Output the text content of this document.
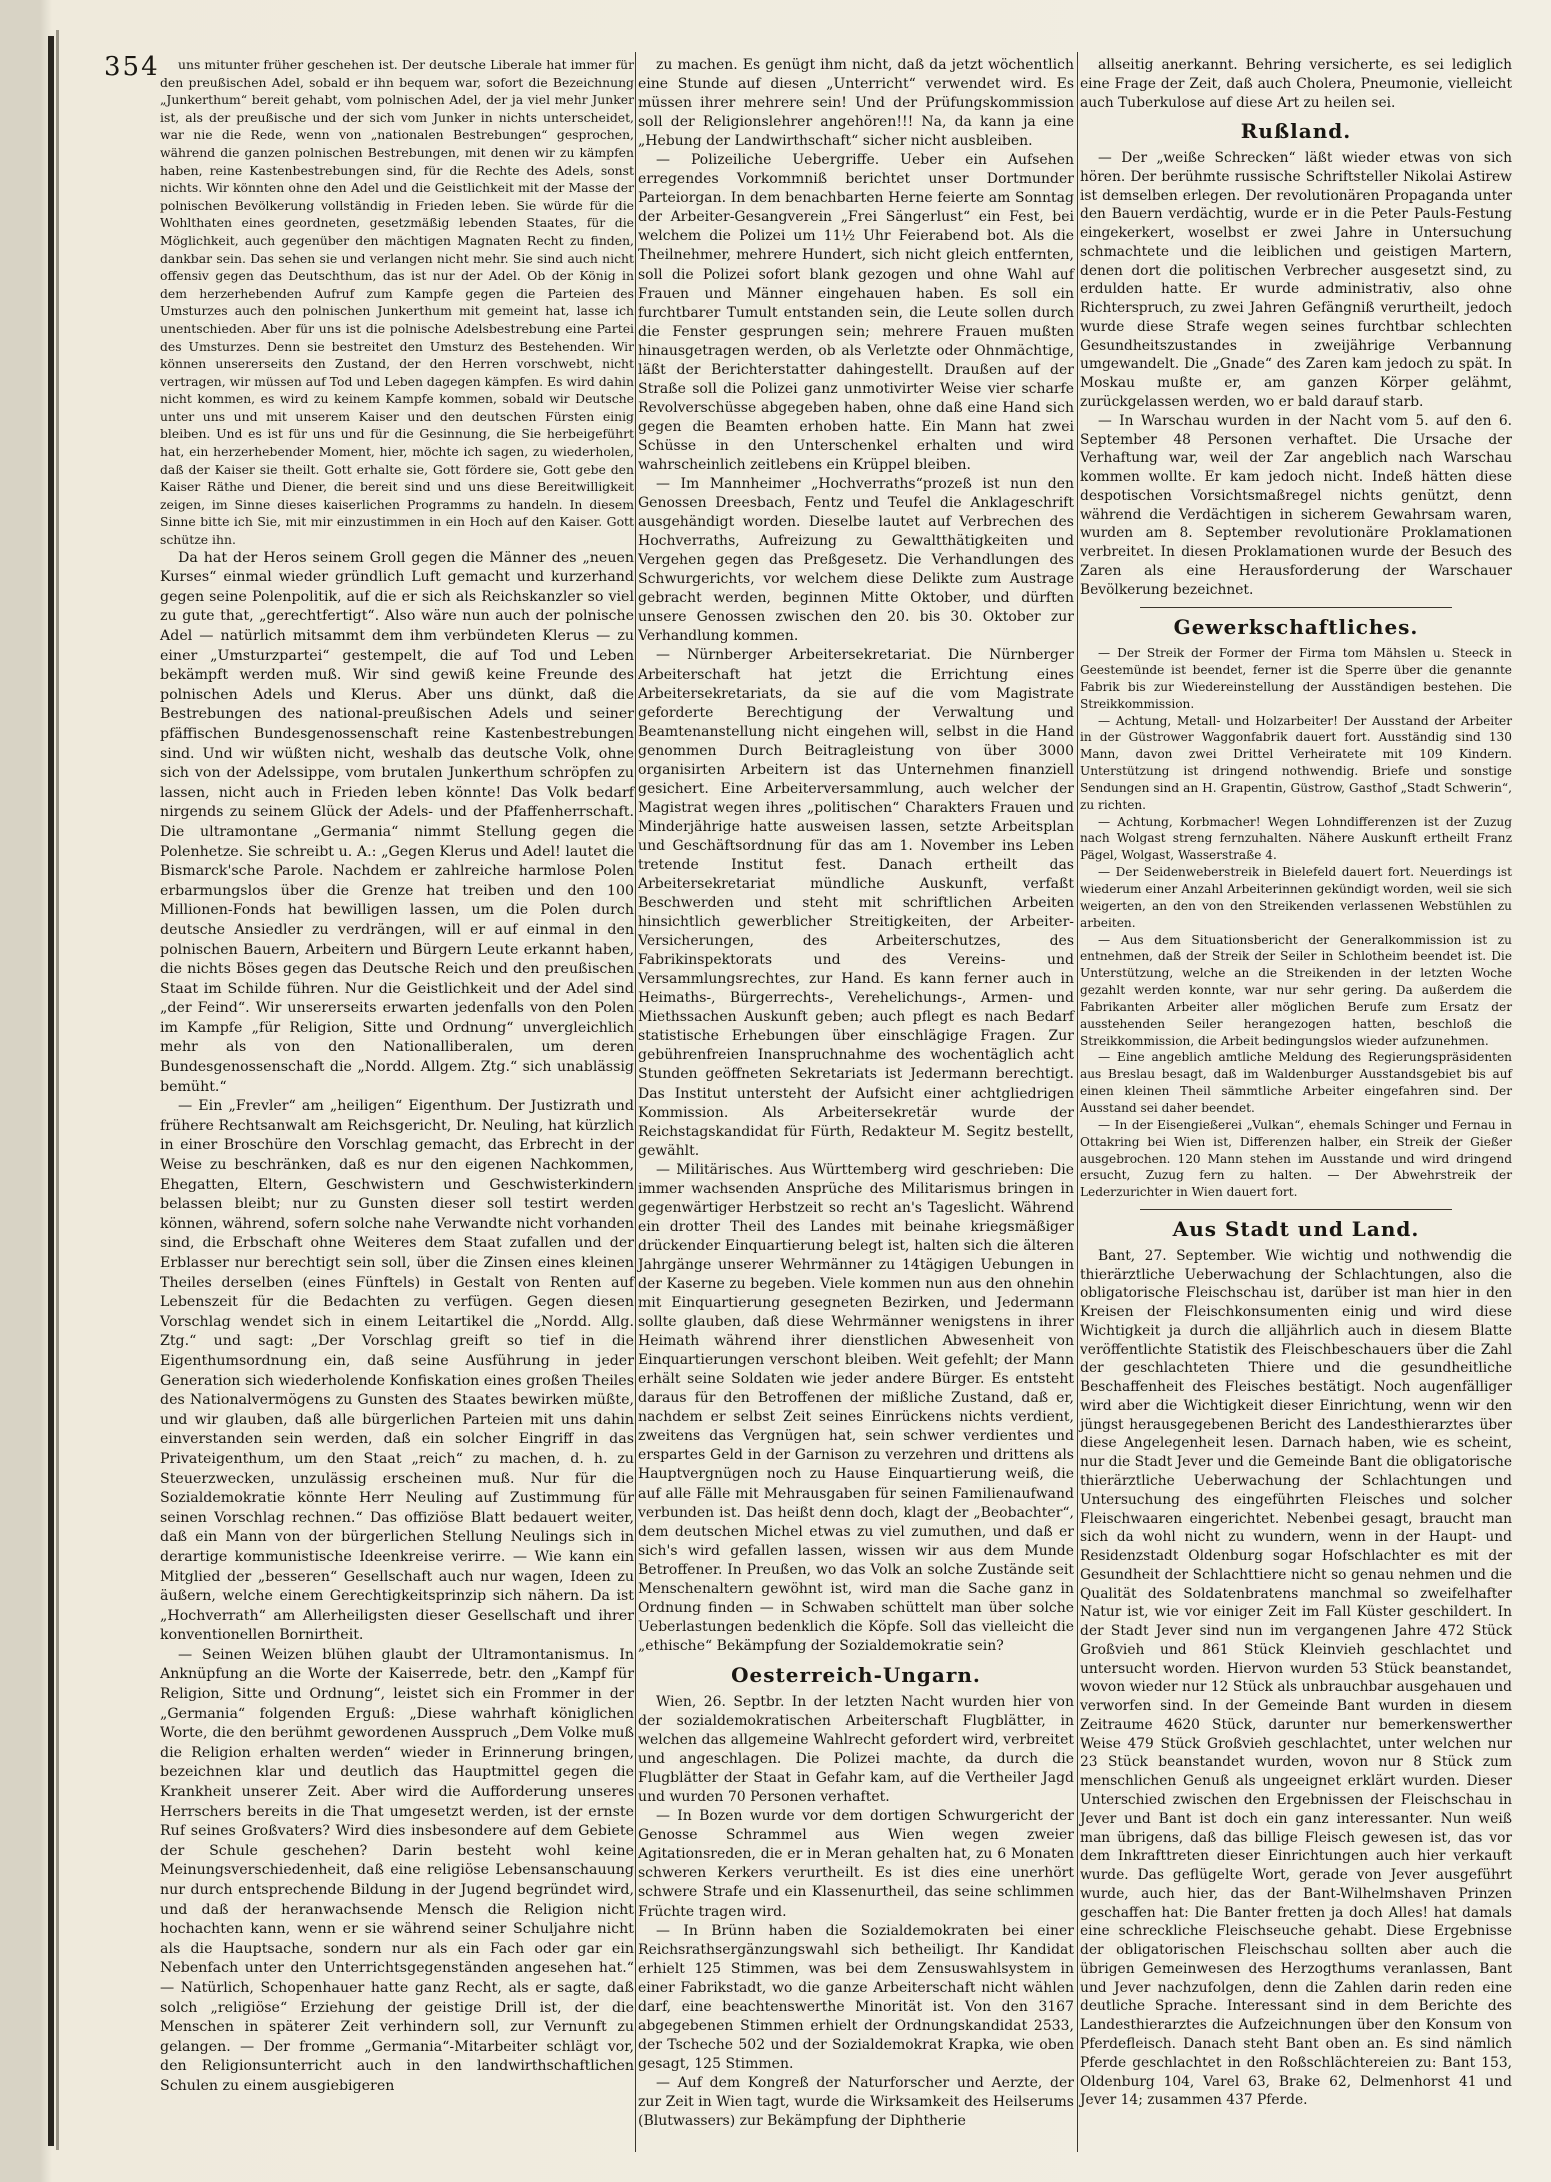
354	uns mitunter früher geschehen ist. Der deutsche Liberale hat immer für den preußischen Adel, sobald er ihn bequem war, sofort die Bezeichnung „Junkerthum“ bereit gehabt, vom polnischen Adel, der ja viel mehr Junker ist, als der preußische und der sich vom Junker in nichts unterscheidet, war nie die Rede, wenn von „nationalen Bestrebungen“ gesprochen, während die ganzen polnischen Bestrebungen, mit denen wir zu kämpfen haben, reine Kastenbestrebungen sind, für die Rechte des Adels, sonst nichts. Wir könnten ohne den Adel und die Geistlichkeit mit der Masse der polnischen Bevölkerung vollständig in Frieden leben. Sie würde für die Wohlthaten eines geordneten, gesetzmäßig lebenden Staates, für die Möglichkeit, auch gegenüber den mächtigen Magnaten Recht zu finden, dankbar sein. Das sehen sie und verlangen nicht mehr. Sie sind auch nicht offensiv gegen das Deutschthum, das ist nur der Adel. Ob der König in dem herzerhebenden Aufruf zum Kampfe gegen die Parteien des Umsturzes auch den polnischen Junkerthum mit gemeint hat, lasse ich unentschieden. Aber für uns ist die polnische Adelsbestrebung eine Partei des Umsturzes. Denn sie bestreitet den Umsturz des Bestehenden. Wir können unsererseits den Zustand, der den Herren vorschwebt, nicht vertragen, wir müssen auf Tod und Leben dagegen kämpfen. Es wird dahin nicht kommen, es wird zu keinem Kampfe kommen, sobald wir Deutsche unter uns und mit unserem Kaiser und den deutschen Fürsten einig bleiben. Und es ist für uns und für die Gesinnung, die Sie herbeigeführt hat, ein herzerhebender Moment, hier, möchte ich sagen, zu wiederholen, daß der Kaiser sie theilt. Gott erhalte sie, Gott fördere sie, Gott gebe den Kaiser Räthe und Diener, die bereit sind und uns diese Bereitwilligkeit zeigen, im Sinne dieses kaiserlichen Programms zu handeln. In diesem Sinne bitte ich Sie, mit mir einzustimmen in ein Hoch auf den Kaiser. Gott schütze ihn.

Da hat der Heros seinem Groll gegen die Männer des „neuen Kurses“ einmal wieder gründlich Luft gemacht und kurzerhand gegen seine Polenpolitik, auf die er sich als Reichskanzler so viel zu gute that, „gerechtfertigt“. Also wäre nun auch der polnische Adel — natürlich mitsammt dem ihm verbündeten Klerus — zu einer „Umsturzpartei“ gestempelt, die auf Tod und Leben bekämpft werden muß. Wir sind gewiß keine Freunde des polnischen Adels und Klerus. Aber uns dünkt, daß die Bestrebungen des national-preußischen Adels und seiner pfäffischen Bundesgenossenschaft reine Kastenbestrebungen sind. Und wir wüßten nicht, weshalb das deutsche Volk, ohne sich von der Adelssippe, vom brutalen Junkerthum schröpfen zu lassen, nicht auch in Frieden leben könnte! Das Volk bedarf nirgends zu seinem Glück der Adels- und der Pfaffenherrschaft. Die ultramontane „Germania“ nimmt Stellung gegen die Polenhetze. Sie schreibt u. A.: „Gegen Klerus und Adel! lautet die Bismarck'sche Parole. Nachdem er zahlreiche harmlose Polen erbarmungslos über die Grenze hat treiben und den 100 Millionen-Fonds hat bewilligen lassen, um die Polen durch deutsche Ansiedler zu verdrängen, will er auf einmal in den polnischen Bauern, Arbeitern und Bürgern Leute erkannt haben, die nichts Böses gegen das Deutsche Reich und den preußischen Staat im Schilde führen. Nur die Geistlichkeit und der Adel sind „der Feind“. Wir unsererseits erwarten jedenfalls von den Polen im Kampfe „für Religion, Sitte und Ordnung“ unvergleichlich mehr als von den Nationalliberalen, um deren Bundesgenossenschaft die „Nordd. Allgem. Ztg.“ sich unablässig bemüht.“

— Ein „Frevler“ am „heiligen“ Eigenthum. Der Justizrath und frühere Rechtsanwalt am Reichsgericht, Dr. Neuling, hat kürzlich in einer Broschüre den Vorschlag gemacht, das Erbrecht in der Weise zu beschränken, daß es nur den eigenen Nachkommen, Ehegatten, Eltern, Geschwistern und Geschwisterkindern belassen bleibt; nur zu Gunsten dieser soll testirt werden können, während, sofern solche nahe Verwandte nicht vorhanden sind, die Erbschaft ohne Weiteres dem Staat zufallen und der Erblasser nur berechtigt sein soll, über die Zinsen eines kleinen Theiles derselben (eines Fünftels) in Gestalt von Renten auf Lebenszeit für die Bedachten zu verfügen. Gegen diesen Vorschlag wendet sich in einem Leitartikel die „Nordd. Allg. Ztg.“ und sagt: „Der Vorschlag greift so tief in die Eigenthumsordnung ein, daß seine Ausführung in jeder Generation sich wiederholende Konfiskation eines großen Theiles des Nationalvermögens zu Gunsten des Staates bewirken müßte, und wir glauben, daß alle bürgerlichen Parteien mit uns dahin einverstanden sein werden, daß ein solcher Eingriff in das Privateigenthum, um den Staat „reich“ zu machen, d. h. zu Steuerzwecken, unzulässig erscheinen muß. Nur für die Sozialdemokratie könnte Herr Neuling auf Zustimmung für seinen Vorschlag rechnen.“ Das offiziöse Blatt bedauert weiter, daß ein Mann von der bürgerlichen Stellung Neulings sich in derartige kommunistische Ideenkreise verirre. — Wie kann ein Mitglied der „besseren“ Gesellschaft auch nur wagen, Ideen zu äußern, welche einem Gerechtigkeitsprinzip sich nähern. Da ist „Hochverrath“ am Allerheiligsten dieser Gesellschaft und ihrer konventionellen Bornirtheit.

— Seinen Weizen blühen glaubt der Ultramontanismus. In Anknüpfung an die Worte der Kaiserrede, betr. den „Kampf für Religion, Sitte und Ordnung“, leistet sich ein Frommer in der „Germania“ folgenden Erguß: „Diese wahrhaft königlichen Worte, die den berühmt gewordenen Ausspruch „Dem Volke muß die Religion erhalten werden“ wieder in Erinnerung bringen, bezeichnen klar und deutlich das Hauptmittel gegen die Krankheit unserer Zeit. Aber wird die Aufforderung unseres Herrschers bereits in die That umgesetzt werden, ist der ernste Ruf seines Großvaters? Wird dies insbesondere auf dem Gebiete der Schule geschehen? Darin besteht wohl keine Meinungsverschiedenheit, daß eine religiöse Lebensanschauung nur durch entsprechende Bildung in der Jugend begründet wird, und daß der heranwachsende Mensch die Religion nicht hochachten kann, wenn er sie während seiner Schuljahre nicht als die Hauptsache, sondern nur als ein Fach oder gar ein Nebenfach unter den Unterrichtsgegenständen angesehen hat.“ — Natürlich, Schopenhauer hatte ganz Recht, als er sagte, daß solch „religiöse“ Erziehung der geistige Drill ist, der die Menschen in späterer Zeit verhindern soll, zur Vernunft zu gelangen. — Der fromme „Germania“-Mitarbeiter schlägt vor, den Religionsunterricht auch in den landwirthschaftlichen Schulen zu einem ausgiebigeren

zu machen. Es genügt ihm nicht, daß da jetzt wöchentlich eine Stunde auf diesen „Unterricht“ verwendet wird. Es müssen ihrer mehrere sein! Und der Prüfungskommission soll der Religionslehrer angehören!!! Na, da kann ja eine „Hebung der Landwirthschaft“ sicher nicht ausbleiben.

— Polizeiliche Uebergriffe. Ueber ein Aufsehen erregendes Vorkommniß berichtet unser Dortmunder Parteiorgan. In dem benachbarten Herne feierte am Sonntag der Arbeiter-Gesangverein „Frei Sängerlust“ ein Fest, bei welchem die Polizei um 11½ Uhr Feierabend bot. Als die Theilnehmer, mehrere Hundert, sich nicht gleich entfernten, soll die Polizei sofort blank gezogen und ohne Wahl auf Frauen und Männer eingehauen haben. Es soll ein furchtbarer Tumult entstanden sein, die Leute sollen durch die Fenster gesprungen sein; mehrere Frauen mußten hinausgetragen werden, ob als Verletzte oder Ohnmächtige, läßt der Berichterstatter dahingestellt. Draußen auf der Straße soll die Polizei ganz unmotivirter Weise vier scharfe Revolverschüsse abgegeben haben, ohne daß eine Hand sich gegen die Beamten erhoben hatte. Ein Mann hat zwei Schüsse in den Unterschenkel erhalten und wird wahrscheinlich zeitlebens ein Krüppel bleiben.

— Im Mannheimer „Hochverraths“prozeß ist nun den Genossen Dreesbach, Fentz und Teufel die Anklageschrift ausgehändigt worden. Dieselbe lautet auf Verbrechen des Hochverraths, Aufreizung zu Gewaltthätigkeiten und Vergehen gegen das Preßgesetz. Die Verhandlungen des Schwurgerichts, vor welchem diese Delikte zum Austrage gebracht werden, beginnen Mitte Oktober, und dürften unsere Genossen zwischen den 20. bis 30. Oktober zur Verhandlung kommen.

— Nürnberger Arbeitersekretariat. Die Nürnberger Arbeiterschaft hat jetzt die Errichtung eines Arbeitersekretariats, da sie auf die vom Magistrate geforderte Berechtigung der Verwaltung und Beamtenanstellung nicht eingehen will, selbst in die Hand genommen Durch Beitragleistung von über 3000 organisirten Arbeitern ist das Unternehmen finanziell gesichert. Eine Arbeiterversammlung, auch welcher der Magistrat wegen ihres „politischen“ Charakters Frauen und Minderjährige hatte ausweisen lassen, setzte Arbeitsplan und Geschäftsordnung für das am 1. November ins Leben tretende Institut fest. Danach ertheilt das Arbeitersekretariat mündliche Auskunft, verfaßt Beschwerden und steht mit schriftlichen Arbeiten hinsichtlich gewerblicher Streitigkeiten, der Arbeiter-Versicherungen, des Arbeiterschutzes, des Fabrikinspektorats und des Vereins- und Versammlungsrechtes, zur Hand. Es kann ferner auch in Heimaths-, Bürgerrechts-, Verehelichungs-, Armen- und Miethssachen Auskunft geben; auch pflegt es nach Bedarf statistische Erhebungen über einschlägige Fragen. Zur gebührenfreien Inanspruchnahme des wochentäglich acht Stunden geöffneten Sekretariats ist Jedermann berechtigt. Das Institut untersteht der Aufsicht einer achtgliedrigen Kommission. Als Arbeitersekretär wurde der Reichstagskandidat für Fürth, Redakteur M. Segitz bestellt, gewählt.

— Militärisches. Aus Württemberg wird geschrieben: Die immer wachsenden Ansprüche des Militarismus bringen in gegenwärtiger Herbstzeit so recht an's Tageslicht. Während ein drotter Theil des Landes mit beinahe kriegsmäßiger drückender Einquartierung belegt ist, halten sich die älteren Jahrgänge unserer Wehrmänner zu 14tägigen Uebungen in der Kaserne zu begeben. Viele kommen nun aus den ohnehin mit Einquartierung gesegneten Bezirken, und Jedermann sollte glauben, daß diese Wehrmänner wenigstens in ihrer Heimath während ihrer dienstlichen Abwesenheit von Einquartierungen verschont bleiben. Weit gefehlt; der Mann erhält seine Soldaten wie jeder andere Bürger. Es entsteht daraus für den Betroffenen der mißliche Zustand, daß er, nachdem er selbst Zeit seines Einrückens nichts verdient, zweitens das Vergnügen hat, sein schwer verdientes und erspartes Geld in der Garnison zu verzehren und drittens als Hauptvergnügen noch zu Hause Einquartierung weiß, die auf alle Fälle mit Mehrausgaben für seinen Familienaufwand verbunden ist. Das heißt denn doch, klagt der „Beobachter“, dem deutschen Michel etwas zu viel zumuthen, und daß er sich's wird gefallen lassen, wissen wir aus dem Munde Betroffener. In Preußen, wo das Volk an solche Zustände seit Menschenaltern gewöhnt ist, wird man die Sache ganz in Ordnung finden — in Schwaben schüttelt man über solche Ueberlastungen bedenklich die Köpfe. Soll das vielleicht die „ethische“ Bekämpfung der Sozialdemokratie sein?

Oesterreich-Ungarn.

Wien, 26. Septbr. In der letzten Nacht wurden hier von der sozialdemokratischen Arbeiterschaft Flugblätter, in welchen das allgemeine Wahlrecht gefordert wird, verbreitet und angeschlagen. Die Polizei machte, da durch die Flugblätter der Staat in Gefahr kam, auf die Vertheiler Jagd und wurden 70 Personen verhaftet.

— In Bozen wurde vor dem dortigen Schwurgericht der Genosse Schrammel aus Wien wegen zweier Agitationsreden, die er in Meran gehalten hat, zu 6 Monaten schweren Kerkers verurtheilt. Es ist dies eine unerhört schwere Strafe und ein Klassenurtheil, das seine schlimmen Früchte tragen wird.

— In Brünn haben die Sozialdemokraten bei einer Reichsrathsergänzungswahl sich betheiligt. Ihr Kandidat erhielt 125 Stimmen, was bei dem Zensuswahlsystem in einer Fabrikstadt, wo die ganze Arbeiterschaft nicht wählen darf, eine beachtenswerthe Minorität ist. Von den 3167 abgegebenen Stimmen erhielt der Ordnungskandidat 2533, der Tscheche 502 und der Sozialdemokrat Krapka, wie oben gesagt, 125 Stimmen.

— Auf dem Kongreß der Naturforscher und Aerzte, der zur Zeit in Wien tagt, wurde die Wirksamkeit des Heilserums (Blutwassers) zur Bekämpfung der Diphtherie

allseitig anerkannt. Behring versicherte, es sei lediglich eine Frage der Zeit, daß auch Cholera, Pneumonie, vielleicht auch Tuberkulose auf diese Art zu heilen sei.

Rußland.

— Der „weiße Schrecken“ läßt wieder etwas von sich hören. Der berühmte russische Schriftsteller Nikolai Astirew ist demselben erlegen. Der revolutionären Propaganda unter den Bauern verdächtig, wurde er in die Peter Pauls-Festung eingekerkert, woselbst er zwei Jahre in Untersuchung schmachtete und die leiblichen und geistigen Martern, denen dort die politischen Verbrecher ausgesetzt sind, zu erdulden hatte. Er wurde administrativ, also ohne Richterspruch, zu zwei Jahren Gefängniß verurtheilt, jedoch wurde diese Strafe wegen seines furchtbar schlechten Gesundheitszustandes in zweijährige Verbannung umgewandelt. Die „Gnade“ des Zaren kam jedoch zu spät. In Moskau mußte er, am ganzen Körper gelähmt, zurückgelassen werden, wo er bald darauf starb.

— In Warschau wurden in der Nacht vom 5. auf den 6. September 48 Personen verhaftet. Die Ursache der Verhaftung war, weil der Zar angeblich nach Warschau kommen wollte. Er kam jedoch nicht. Indeß hätten diese despotischen Vorsichtsmaßregel nichts genützt, denn während die Verdächtigen in sicherem Gewahrsam waren, wurden am 8. September revolutionäre Proklamationen verbreitet. In diesen Proklamationen wurde der Besuch des Zaren als eine Herausforderung der Warschauer Bevölkerung bezeichnet.

Gewerkschaftliches.

— Der Streik der Former der Firma tom Mähslen u. Steeck in Geestemünde ist beendet, ferner ist die Sperre über die genannte Fabrik bis zur Wiedereinstellung der Ausständigen bestehen. Die Streikkommission.

— Achtung, Metall- und Holzarbeiter! Der Ausstand der Arbeiter in der Güstrower Waggonfabrik dauert fort. Ausständig sind 130 Mann, davon zwei Drittel Verheiratete mit 109 Kindern. Unterstützung ist dringend nothwendig. Briefe und sonstige Sendungen sind an H. Grapentin, Güstrow, Gasthof „Stadt Schwerin“, zu richten.

— Achtung, Korbmacher! Wegen Lohndifferenzen ist der Zuzug nach Wolgast streng fernzuhalten. Nähere Auskunft ertheilt Franz Pägel, Wolgast, Wasserstraße 4.

— Der Seidenweberstreik in Bielefeld dauert fort. Neuerdings ist wiederum einer Anzahl Arbeiterinnen gekündigt worden, weil sie sich weigerten, an den von den Streikenden verlassenen Webstühlen zu arbeiten.

— Aus dem Situationsbericht der Generalkommission ist zu entnehmen, daß der Streik der Seiler in Schlotheim beendet ist. Die Unterstützung, welche an die Streikenden in der letzten Woche gezahlt werden konnte, war nur sehr gering. Da außerdem die Fabrikanten Arbeiter aller möglichen Berufe zum Ersatz der ausstehenden Seiler herangezogen hatten, beschloß die Streikkommission, die Arbeit bedingungslos wieder aufzunehmen.

— Eine angeblich amtliche Meldung des Regierungspräsidenten aus Breslau besagt, daß im Waldenburger Ausstandsgebiet bis auf einen kleinen Theil sämmtliche Arbeiter eingefahren sind. Der Ausstand sei daher beendet.

— In der Eisengießerei „Vulkan“, ehemals Schinger und Fernau in Ottakring bei Wien ist, Differenzen halber, ein Streik der Gießer ausgebrochen. 120 Mann stehen im Ausstande und wird dringend ersucht, Zuzug fern zu halten. — Der Abwehrstreik der Lederzurichter in Wien dauert fort.

Aus Stadt und Land.

Bant, 27. September. Wie wichtig und nothwendig die thierärztliche Ueberwachung der Schlachtungen, also die obligatorische Fleischschau ist, darüber ist man hier in den Kreisen der Fleischkonsumenten einig und wird diese Wichtigkeit ja durch die alljährlich auch in diesem Blatte veröffentlichte Statistik des Fleischbeschauers über die Zahl der geschlachteten Thiere und die gesundheitliche Beschaffenheit des Fleisches bestätigt. Noch augenfälliger wird aber die Wichtigkeit dieser Einrichtung, wenn wir den jüngst herausgegebenen Bericht des Landesthierarztes über diese Angelegenheit lesen. Darnach haben, wie es scheint, nur die Stadt Jever und die Gemeinde Bant die obligatorische thierärztliche Ueberwachung der Schlachtungen und Untersuchung des eingeführten Fleisches und solcher Fleischwaaren eingerichtet. Nebenbei gesagt, braucht man sich da wohl nicht zu wundern, wenn in der Haupt- und Residenzstadt Oldenburg sogar Hofschlachter es mit der Gesundheit der Schlachttiere nicht so genau nehmen und die Qualität des Soldatenbratens manchmal so zweifelhafter Natur ist, wie vor einiger Zeit im Fall Küster geschildert. In der Stadt Jever sind nun im vergangenen Jahre 472 Stück Großvieh und 861 Stück Kleinvieh geschlachtet und untersucht worden. Hiervon wurden 53 Stück beanstandet, wovon wieder nur 12 Stück als unbrauchbar ausgehauen und verworfen sind. In der Gemeinde Bant wurden in diesem Zeitraume 4620 Stück, darunter nur bemerkenswerther Weise 479 Stück Großvieh geschlachtet, unter welchen nur 23 Stück beanstandet wurden, wovon nur 8 Stück zum menschlichen Genuß als ungeeignet erklärt wurden. Dieser Unterschied zwischen den Ergebnissen der Fleischschau in Jever und Bant ist doch ein ganz interessanter. Nun weiß man übrigens, daß das billige Fleisch gewesen ist, das vor dem Inkrafttreten dieser Einrichtungen auch hier verkauft wurde. Das geflügelte Wort, gerade von Jever ausgeführt wurde, auch hier, das der Bant-Wilhelmshaven Prinzen geschaffen hat: Die Banter fretten ja doch Alles! hat damals eine schreckliche Fleischseuche gehabt. Diese Ergebnisse der obligatorischen Fleischschau sollten aber auch die übrigen Gemeinwesen des Herzogthums veranlassen, Bant und Jever nachzufolgen, denn die Zahlen darin reden eine deutliche Sprache. Interessant sind in dem Berichte des Landesthierarztes die Aufzeichnungen über den Konsum von Pferdefleisch. Danach steht Bant oben an. Es sind nämlich Pferde geschlachtet in den Roßschlächtereien zu: Bant 153, Oldenburg 104, Varel 63, Brake 62, Delmenhorst 41 und Jever 14; zusammen 437 Pferde.
